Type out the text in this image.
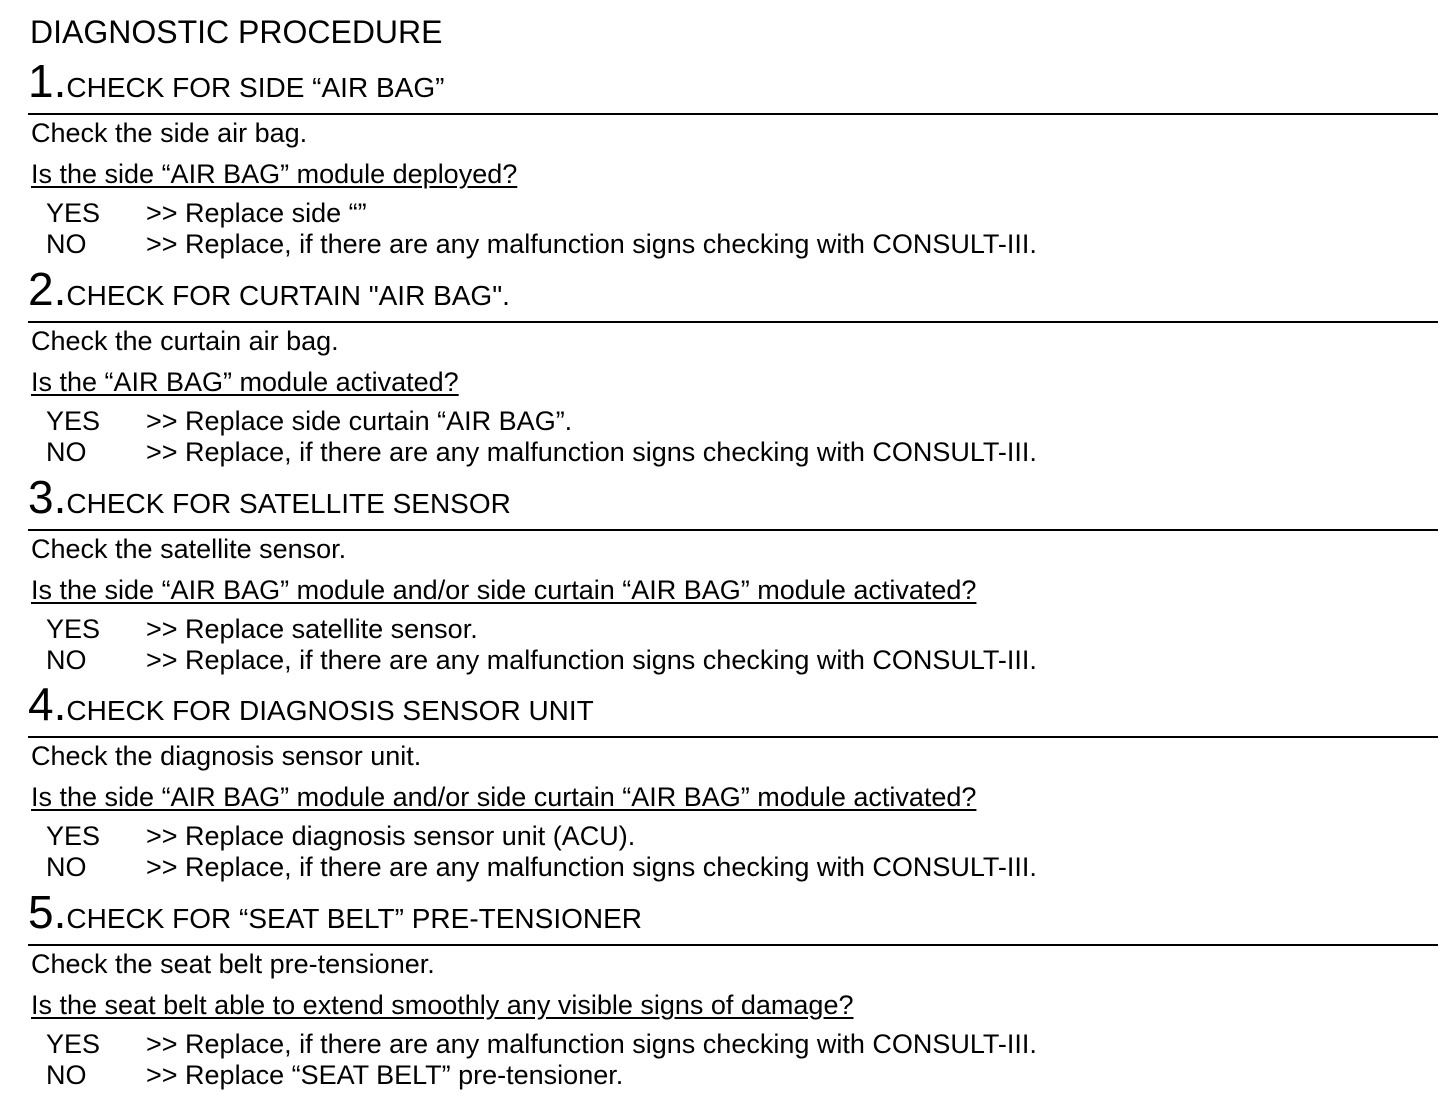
DIAGNOSTIC PROCEDURE
1.CHECK FOR SIDE “AIR BAG”
Check the side air bag.
Is the side “AIR BAG” module deployed?
YES >> Replace side “”
NO >> Replace, if there are any malfunction signs checking with CONSULT-III.
2.CHECK FOR CURTAIN "AIR BAG".
Check the curtain air bag.
Is the “AIR BAG” module activated?
YES >> Replace side curtain “AIR BAG”.
NO >> Replace, if there are any malfunction signs checking with CONSULT-III.
3.CHECK FOR SATELLITE SENSOR
Check the satellite sensor.
Is the side “AIR BAG” module and/or side curtain “AIR BAG” module activated?
YES >> Replace satellite sensor.
NO >> Replace, if there are any malfunction signs checking with CONSULT-III.
4.CHECK FOR DIAGNOSIS SENSOR UNIT
Check the diagnosis sensor unit.
Is the side “AIR BAG” module and/or side curtain “AIR BAG” module activated?
YES >> Replace diagnosis sensor unit (ACU).
NO >> Replace, if there are any malfunction signs checking with CONSULT-III.
5.CHECK FOR “SEAT BELT” PRE-TENSIONER
Check the seat belt pre-tensioner.
Is the seat belt able to extend smoothly any visible signs of damage?
YES >> Replace, if there are any malfunction signs checking with CONSULT-III.
NO >> Replace “SEAT BELT” pre-tensioner.
